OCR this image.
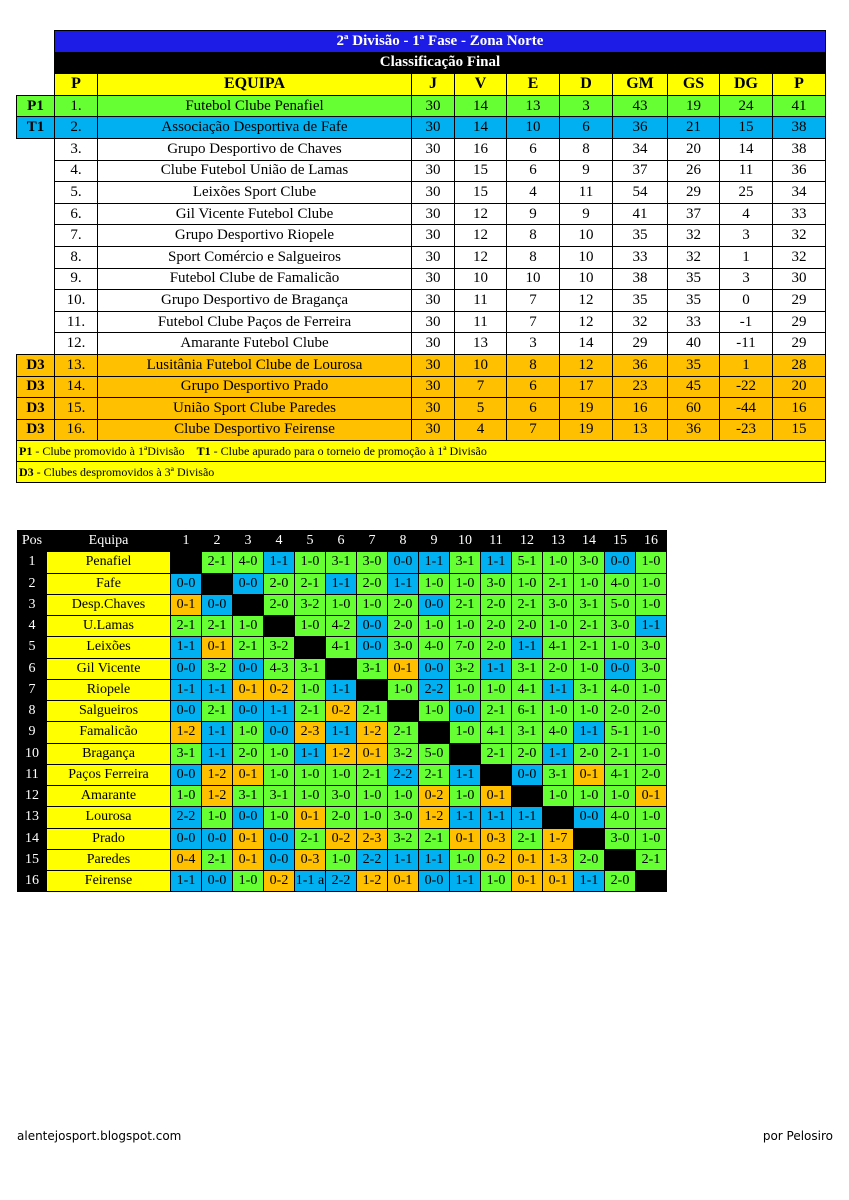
	2ª Divisão - 1ª Fase - Zona Norte									
	Classificação Final									
	P	EQUIPA	J	V	E	D	GM	GS	DG	P
P1	1.	Futebol Clube Penafiel	30	14	13	3	43	19	24	41
T1	2.	Associação Desportiva de Fafe	30	14	10	6	36	21	15	38
	3.	Grupo Desportivo de Chaves	30	16	6	8	34	20	14	38
	4.	Clube Futebol União de Lamas	30	15	6	9	37	26	11	36
	5.	Leixões Sport Clube	30	15	4	11	54	29	25	34
	6.	Gil Vicente Futebol Clube	30	12	9	9	41	37	4	33
	7.	Grupo Desportivo Riopele	30	12	8	10	35	32	3	32
	8.	Sport Comércio e Salgueiros	30	12	8	10	33	32	1	32
	9.	Futebol Clube de Famalicão	30	10	10	10	38	35	3	30
	10.	Grupo Desportivo de Bragança	30	11	7	12	35	35	0	29
	11.	Futebol Clube Paços de Ferreira	30	11	7	12	32	33	-1	29
	12.	Amarante Futebol Clube	30	13	3	14	29	40	-11	29
D3	13.	Lusitânia Futebol Clube de Lourosa	30	10	8	12	36	35	1	28
D3	14.	Grupo Desportivo Prado	30	7	6	17	23	45	-22	20
D3	15.	União Sport Clube Paredes	30	5	6	19	16	60	-44	16
D3	16.	Clube Desportivo Feirense	30	4	7	19	13	36	-23	15
P1 - Clube promovido à 1ªDivisão T1 - Clube apurado para o torneio de promoção à 1ª Divisão										
D3 - Clubes despromovidos à 3ª Divisão										
Pos	Equipa	1	2	3	4	5	6	7	8	9	10	11	12	13	14	15	16
1	Penafiel		2-1	4-0	1-1	1-0	3-1	3-0	0-0	1-1	3-1	1-1	5-1	1-0	3-0	0-0	1-0
2	Fafe	0-0		0-0	2-0	2-1	1-1	2-0	1-1	1-0	1-0	3-0	1-0	2-1	1-0	4-0	1-0
3	Desp.Chaves	0-1	0-0		2-0	3-2	1-0	1-0	2-0	0-0	2-1	2-0	2-1	3-0	3-1	5-0	1-0
4	U.Lamas	2-1	2-1	1-0		1-0	4-2	0-0	2-0	1-0	1-0	2-0	2-0	1-0	2-1	3-0	1-1
5	Leixões	1-1	0-1	2-1	3-2		4-1	0-0	3-0	4-0	7-0	2-0	1-1	4-1	2-1	1-0	3-0
6	Gil Vicente	0-0	3-2	0-0	4-3	3-1		3-1	0-1	0-0	3-2	1-1	3-1	2-0	1-0	0-0	3-0
7	Riopele	1-1	1-1	0-1	0-2	1-0	1-1		1-0	2-2	1-0	1-0	4-1	1-1	3-1	4-0	1-0
8	Salgueiros	0-0	2-1	0-0	1-1	2-1	0-2	2-1		1-0	0-0	2-1	6-1	1-0	1-0	2-0	2-0
9	Famalicão	1-2	1-1	1-0	0-0	2-3	1-1	1-2	2-1		1-0	4-1	3-1	4-0	1-1	5-1	1-0
10	Bragança	3-1	1-1	2-0	1-0	1-1	1-2	0-1	3-2	5-0		2-1	2-0	1-1	2-0	2-1	1-0
11	Paços Ferreira	0-0	1-2	0-1	1-0	1-0	1-0	2-1	2-2	2-1	1-1		0-0	3-1	0-1	4-1	2-0
12	Amarante	1-0	1-2	3-1	3-1	1-0	3-0	1-0	1-0	0-2	1-0	0-1		1-0	1-0	1-0	0-1
13	Lourosa	2-2	1-0	0-0	1-0	0-1	2-0	1-0	3-0	1-2	1-1	1-1	1-1		0-0	4-0	1-0
14	Prado	0-0	0-0	0-1	0-0	2-1	0-2	2-3	3-2	2-1	0-1	0-3	2-1	1-7		3-0	1-0
15	Paredes	0-4	2-1	0-1	0-0	0-3	1-0	2-2	1-1	1-1	1-0	0-2	0-1	1-3	2-0		2-1
16	Feirense	1-1	0-0	1-0	0-2	1-1 a	2-2	1-2	0-1	0-0	1-1	1-0	0-1	0-1	1-1	2-0	
alentejosport.blogspot.com	por Pelosiro
